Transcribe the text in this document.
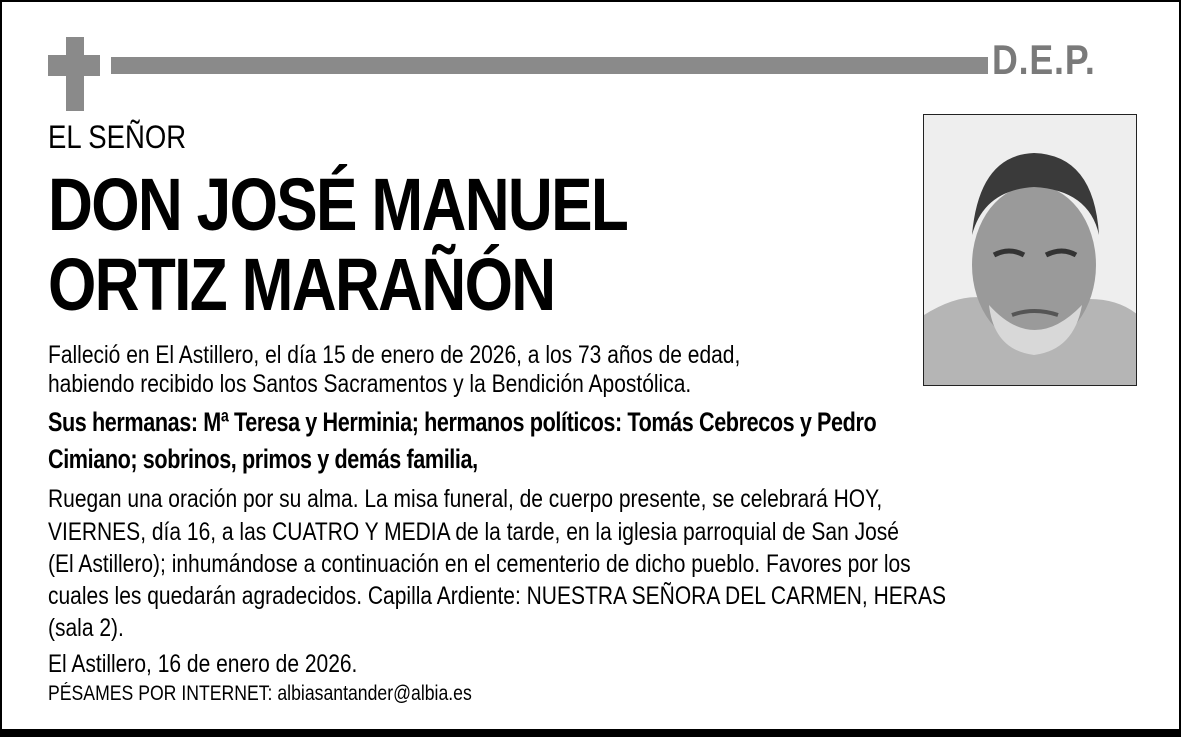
D.E.P.
EL SEÑOR
DON JOSÉ MANUEL
ORTIZ MARAÑÓN
Falleció en El Astillero, el día 15 de enero de 2026, a los 73 años de edad,
habiendo recibido los Santos Sacramentos y la Bendición Apostólica.
Sus hermanas: Mª Teresa y Herminia; hermanos políticos: Tomás Cebrecos y Pedro
Cimiano; sobrinos, primos y demás familia,
Ruegan una oración por su alma. La misa funeral, de cuerpo presente, se celebrará HOY,
VIERNES, día 16, a las CUATRO Y MEDIA de la tarde, en la iglesia parroquial de San José
(El Astillero); inhumándose a continuación en el cementerio de dicho pueblo. Favores por los
cuales les quedarán agradecidos. Capilla Ardiente: NUESTRA SEÑORA DEL CARMEN, HERAS
(sala 2).
El Astillero, 16 de enero de 2026.
PÉSAMES POR INTERNET: albiasantander@albia.es
